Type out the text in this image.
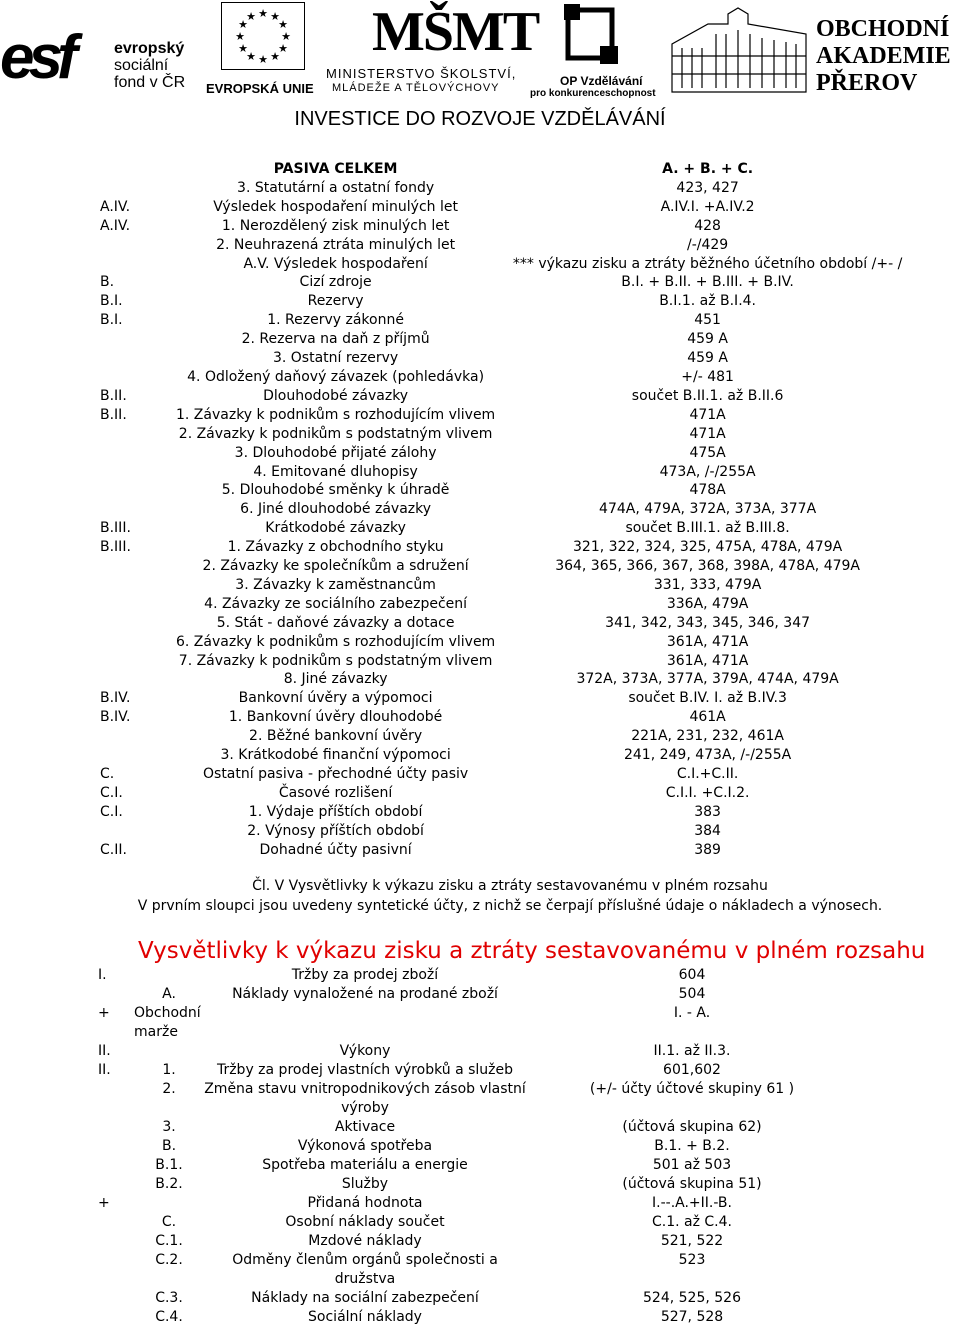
esf	evropský
sociální
fond v ČR
★ ★
★
★
★
★
★
★
★
★
★
★
EVROPSKÁ UNIE
MŠMT
MINISTERSTVO ŠKOLSTVÍ,
MLÁDEŽE A TĚLOVÝCHOVY	OP Vzdělávání
pro konkurenceschopnost
OBCHODNÍ
AKADEMIE
PŘEROV
INVESTICE DO ROZVOJE VZDĚLÁVÁNÍ
	PASIVA CELKEM	A. + B. + C.
	3. Statutární a ostatní fondy	423, 427
A.IV.	Výsledek hospodaření minulých let	A.IV.I. +A.IV.2
A.IV.	1. Nerozdělený zisk minulých let	428
	2. Neuhrazená ztráta minulých let	/-/429
	A.V. Výsledek hospodaření	*** výkazu zisku a ztráty běžného účetního období /+- /
B.	Cizí zdroje	B.I. + B.II. + B.III. + B.IV.
B.I.	Rezervy	B.I.1. až B.I.4.
B.I.	1. Rezervy zákonné	451
	2. Rezerva na daň z příjmů	459 A
	3. Ostatní rezervy	459 A
	4. Odložený daňový závazek (pohledávka)	+/- 481
B.II.	Dlouhodobé závazky	součet B.II.1. až B.II.6
B.II.	1. Závazky k podnikům s rozhodujícím vlivem	471A
	2. Závazky k podnikům s podstatným vlivem	471A
	3. Dlouhodobé přijaté zálohy	475A
	4. Emitované dluhopisy	473A, /-/255A
	5. Dlouhodobé směnky k úhradě	478A
	6. Jiné dlouhodobé závazky	474A, 479A, 372A, 373A, 377A
B.III.	Krátkodobé závazky	součet B.III.1. až B.III.8.
B.III.	1. Závazky z obchodního styku	321, 322, 324, 325, 475A, 478A, 479A
	2. Závazky ke společníkům a sdružení	364, 365, 366, 367, 368, 398A, 478A, 479A
	3. Závazky k zaměstnancům	331, 333, 479A
	4. Závazky ze sociálního zabezpečení	336A, 479A
	5. Stát - daňové závazky a dotace	341, 342, 343, 345, 346, 347
	6. Závazky k podnikům s rozhodujícím vlivem	361A, 471A
	7. Závazky k podnikům s podstatným vlivem	361A, 471A
	8. Jiné závazky	372A, 373A, 377A, 379A, 474A, 479A
B.IV.	Bankovní úvěry a výpomoci	součet B.IV. I. až B.IV.3
B.IV.	1. Bankovní úvěry dlouhodobé	461A
	2. Běžné bankovní úvěry	221A, 231, 232, 461A
	3. Krátkodobé finanční výpomoci	241, 249, 473A, /-/255A
C.	Ostatní pasiva - přechodné účty pasiv	C.I.+C.II.
C.I.	Časové rozlišení	C.I.I. +C.I.2.
C.I.	1. Výdaje příštích období	383
	2. Výnosy příštích období	384
C.II.	Dohadné účty pasivní	389
Čl. V Vysvětlivky k výkazu zisku a ztráty sestavovanému v plném rozsahu
V prvním sloupci jsou uvedeny syntetické účty, z nichž se čerpají příslušné údaje o nákladech a výnosech.
Vysvětlivky k výkazu zisku a ztráty sestavovanému v plném rozsahu
I.		Tržby za prodej zboží	604
	A.	Náklady vynaložené na prodané zboží	504
+	Obchodní marže		I. - A.
II.		Výkony	II.1. až II.3.
II.	1.	Tržby za prodej vlastních výrobků a služeb	601,602
	2.	Změna stavu vnitropodnikových zásob vlastní výroby	(+/- účty účtové skupiny 61 )
	3.	Aktivace	(účtová skupina 62)
	B.	Výkonová spotřeba	B.1. + B.2.
	B.1.	Spotřeba materiálu a energie	501 až 503
	B.2.	Služby	(účtová skupina 51)
+		Přidaná hodnota	I.--.A.+II.-B.
	C.	Osobní náklady součet	C.1. až C.4.
	C.1.	Mzdové náklady	521, 522
	C.2.	Odměny členům orgánů společnosti a družstva	523
	C.3.	Náklady na sociální zabezpečení	524, 525, 526
	C.4.	Sociální náklady	527, 528
